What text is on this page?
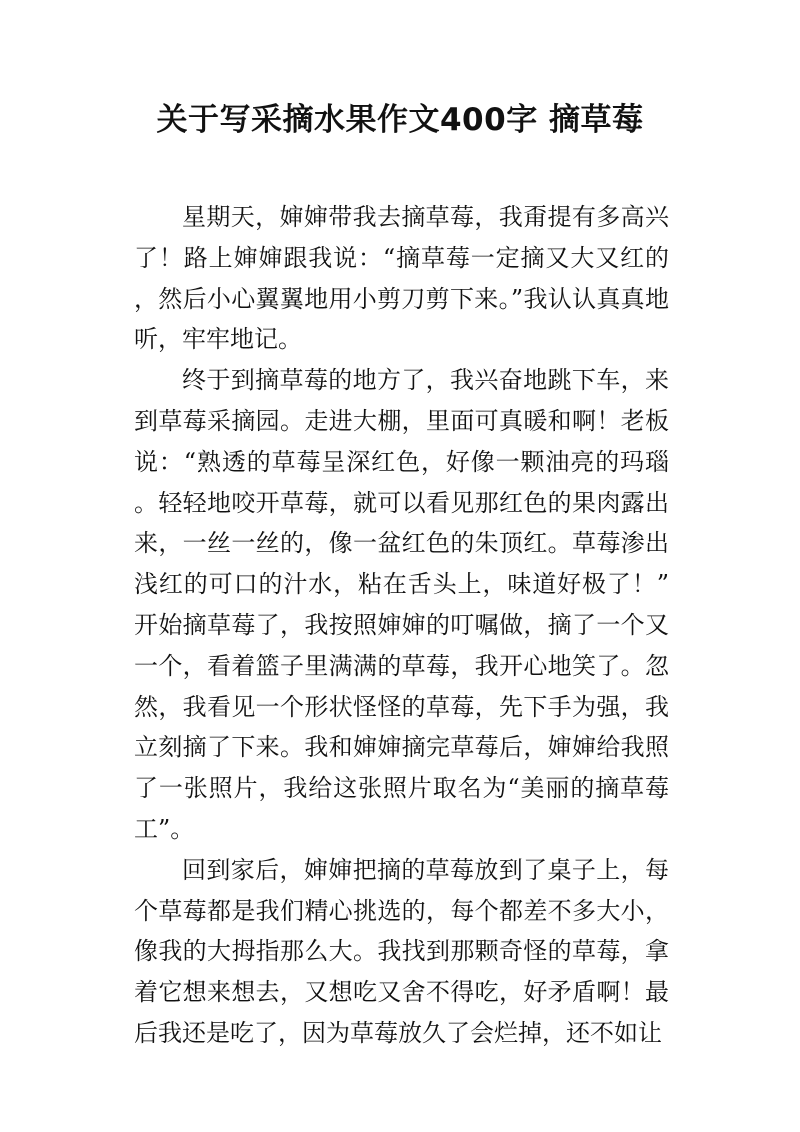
关于写采摘水果作文400字 摘草莓

星期天，婶婶带我去摘草莓，我甭提有多高兴了！路上婶婶跟我说：“摘草莓一定摘又大又红的，然后小心翼翼地用小剪刀剪下来。”我认认真真地听，牢牢地记。

终于到摘草莓的地方了，我兴奋地跳下车，来到草莓采摘园。走进大棚，里面可真暖和啊！老板说：“熟透的草莓呈深红色，好像一颗油亮的玛瑙。轻轻地咬开草莓，就可以看见那红色的果肉露出来，一丝一丝的，像一盆红色的朱顶红。草莓渗出浅红的可口的汁水，粘在舌头上，味道好极了！”开始摘草莓了，我按照婶婶的叮嘱做，摘了一个又一个，看着篮子里满满的草莓，我开心地笑了。忽然，我看见一个形状怪怪的草莓，先下手为强，我立刻摘了下来。我和婶婶摘完草莓后，婶婶给我照了一张照片，我给这张照片取名为“美丽的摘草莓工”。

回到家后，婶婶把摘的草莓放到了桌子上，每个草莓都是我们精心挑选的，每个都差不多大小，像我的大拇指那么大。我找到那颗奇怪的草莓，拿着它想来想去，又想吃又舍不得吃，好矛盾啊！最后我还是吃了，因为草莓放久了会烂掉，还不如让
